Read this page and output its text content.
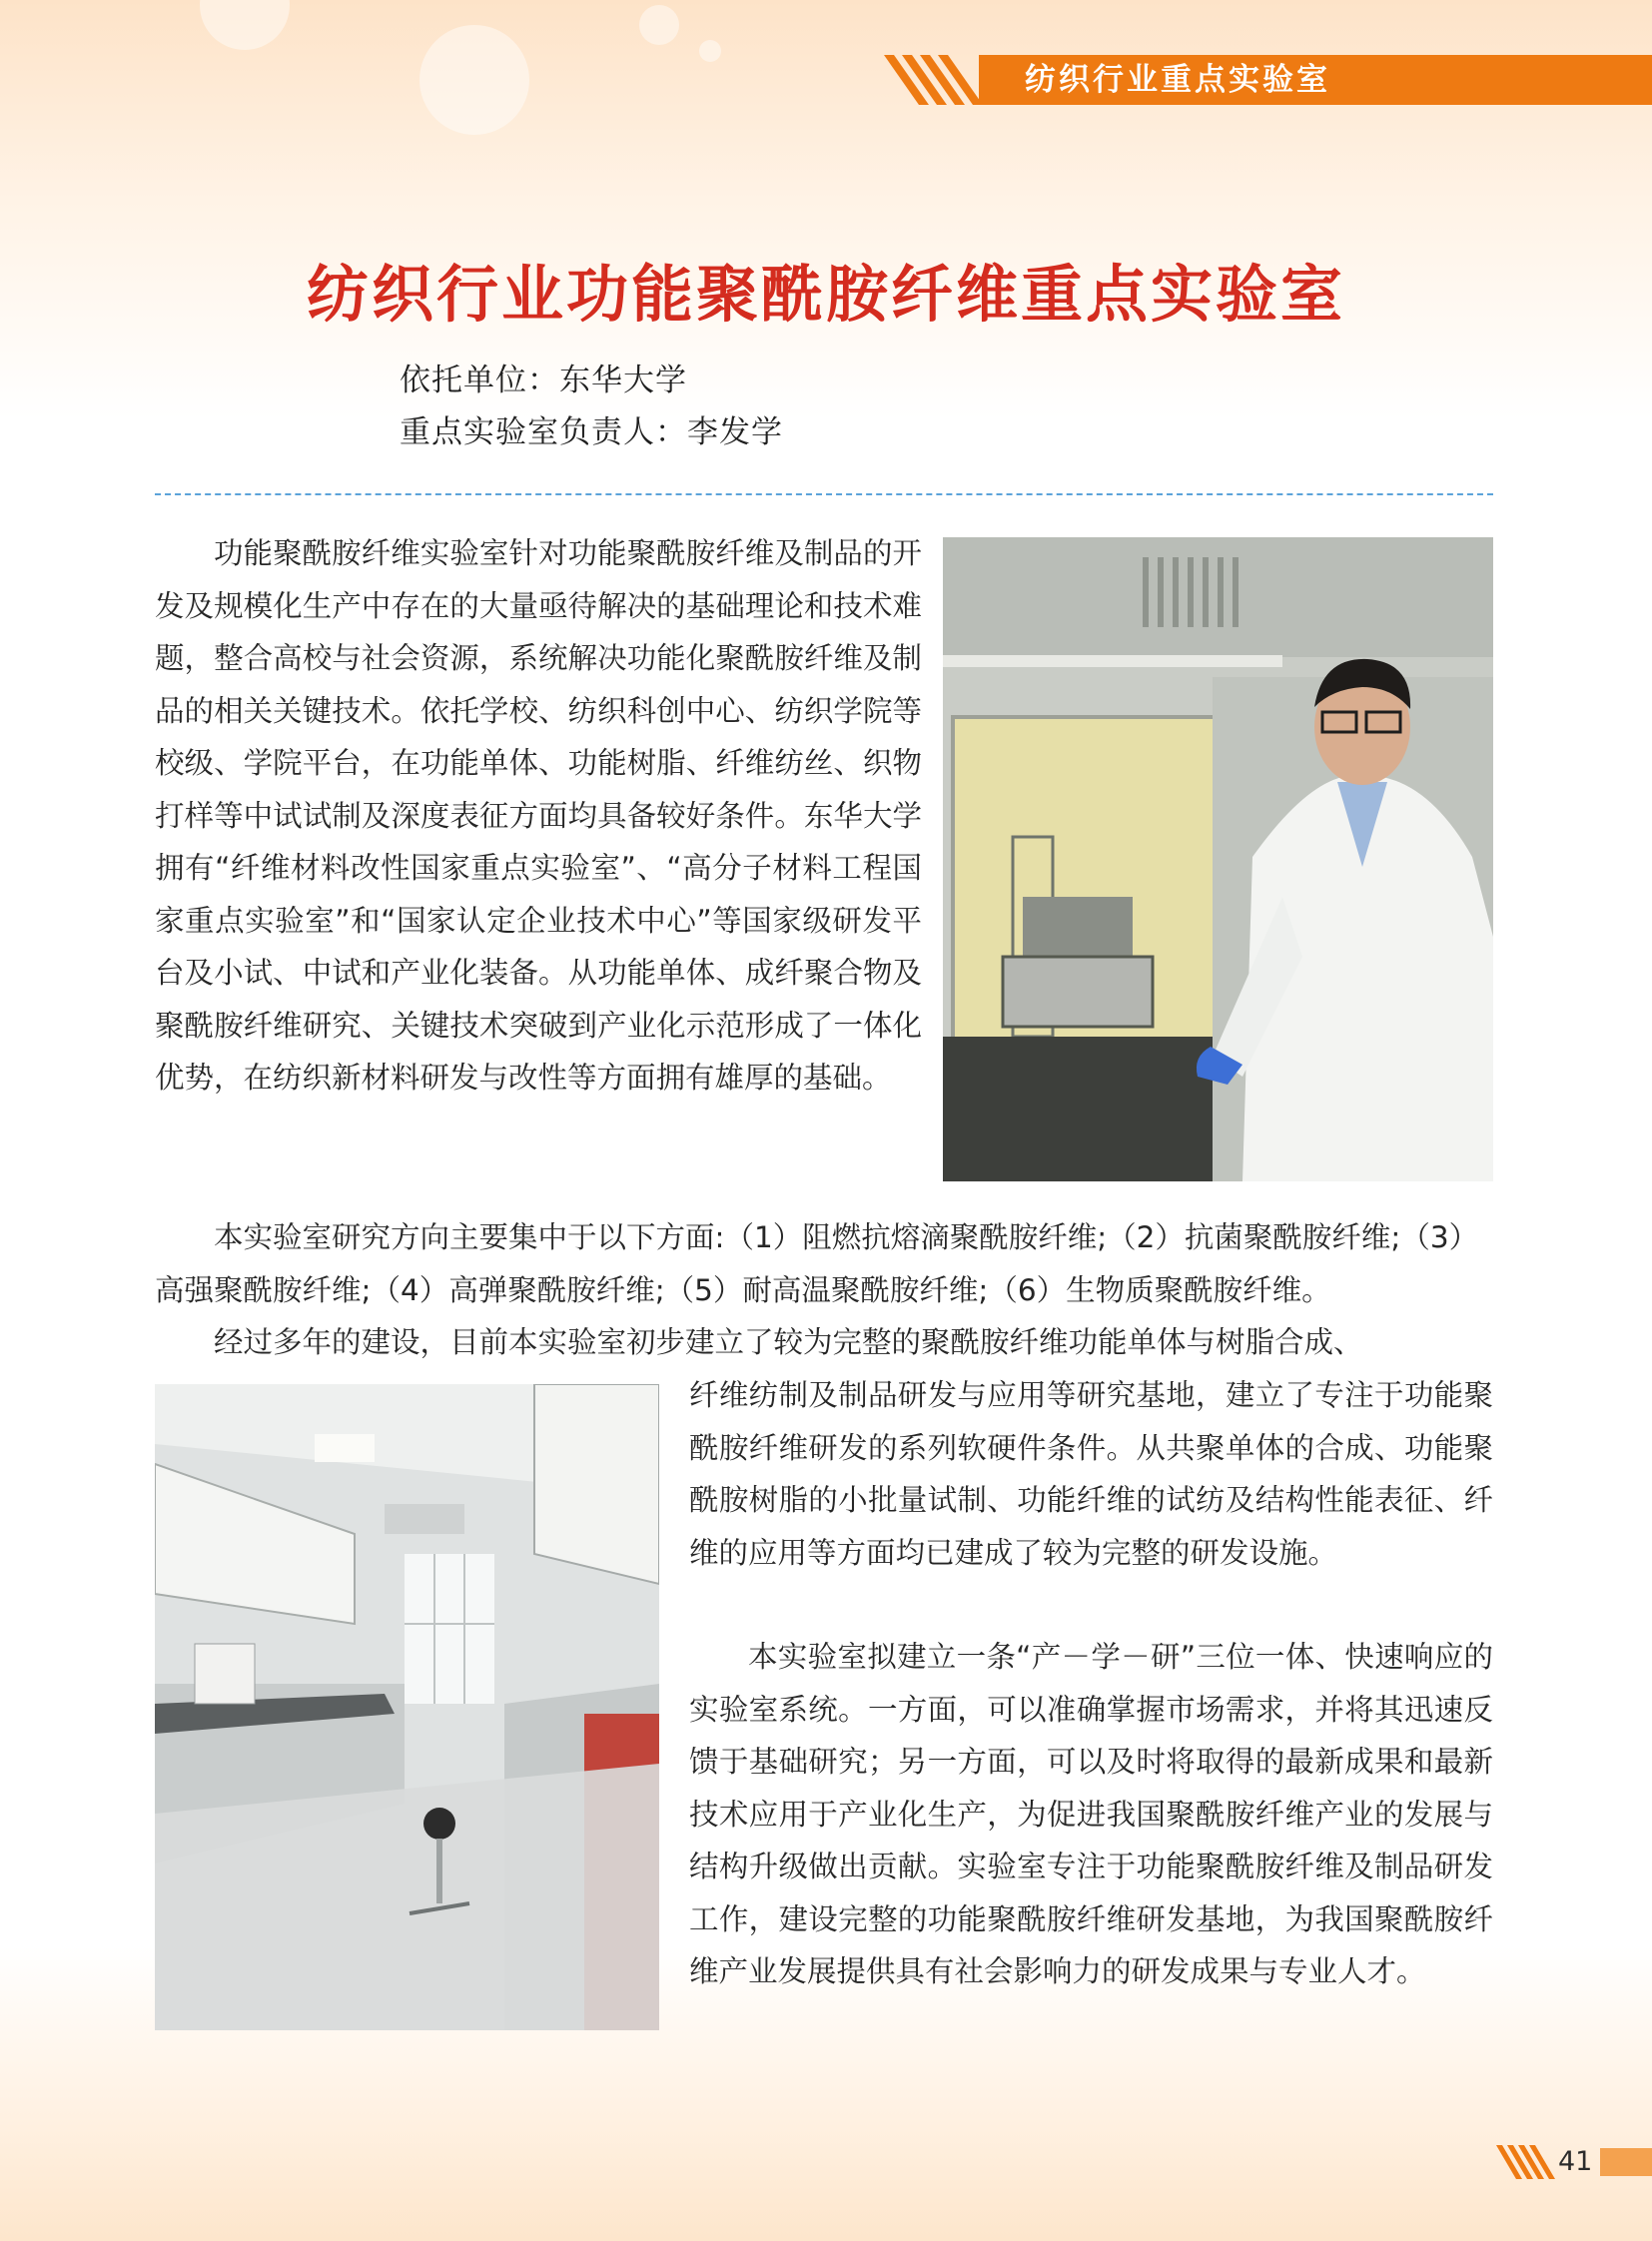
纺织行业重点实验室
纺织行业功能聚酰胺纤维重点实验室
依托单位：东华大学
重点实验室负责人：李发学

功能聚酰胺纤维实验室针对功能聚酰胺纤维及制品的开发及规模化生产中存在的大量亟待解决的基础理论和技术难题，整合高校与社会资源，系统解决功能化聚酰胺纤维及制品的相关关键技术。依托学校、纺织科创中心、纺织学院等校级、学院平台，在功能单体、功能树脂、纤维纺丝、织物打样等中试试制及深度表征方面均具备较好条件。东华大学拥有“纤维材料改性国家重点实验室”、“高分子材料工程国家重点实验室”和“国家认定企业技术中心”等国家级研发平台及小试、中试和产业化装备。从功能单体、成纤聚合物及聚酰胺纤维研究、关键技术突破到产业化示范形成了一体化优势，在纺织新材料研发与改性等方面拥有雄厚的基础。

本实验室研究方向主要集中于以下方面:（1）阻燃抗熔滴聚酰胺纤维;（2）抗菌聚酰胺纤维;（3）高强聚酰胺纤维;（4）高弹聚酰胺纤维;（5）耐高温聚酰胺纤维;（6）生物质聚酰胺纤维。

经过多年的建设，目前本实验室初步建立了较为完整的聚酰胺纤维功能单体与树脂合成、

纤维纺制及制品研发与应用等研究基地，建立了专注于功能聚酰胺纤维研发的系列软硬件条件。从共聚单体的合成、功能聚酰胺树脂的小批量试制、功能纤维的试纺及结构性能表征、纤维的应用等方面均已建成了较为完整的研发设施。

本实验室拟建立一条“产－学－研”三位一体、快速响应的实验室系统。一方面，可以准确掌握市场需求，并将其迅速反馈于基础研究；另一方面，可以及时将取得的最新成果和最新技术应用于产业化生产，为促进我国聚酰胺纤维产业的发展与结构升级做出贡献。实验室专注于功能聚酰胺纤维及制品研发工作，建设完整的功能聚酰胺纤维研发基地，为我国聚酰胺纤维产业发展提供具有社会影响力的研发成果与专业人才。

41
